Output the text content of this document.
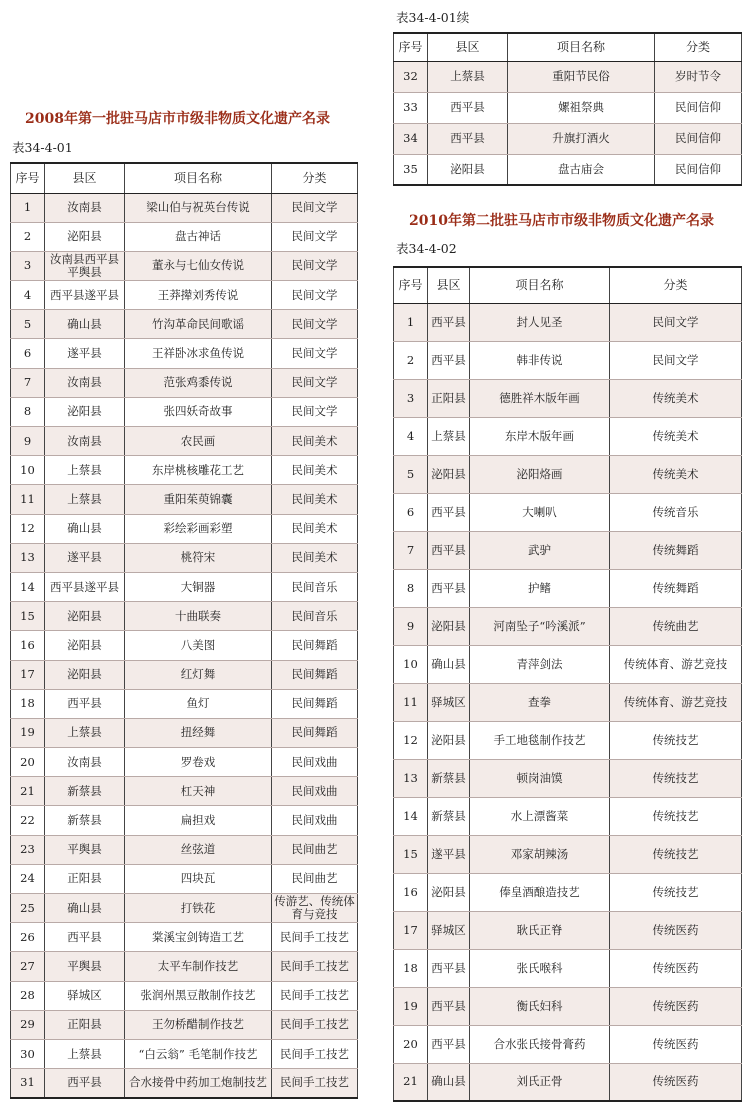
2008年第一批驻马店市市级非物质文化遗产名录
表34-4-01
序号	县区	项目名称	分类
1	汝南县	梁山伯与祝英台传说	民间文学
2	泌阳县	盘古神话	民间文学
3	汝南县西平县平舆县	董永与七仙女传说	民间文学
4	西平县遂平县	王莽撵刘秀传说	民间文学
5	确山县	竹沟革命民间歌谣	民间文学
6	遂平县	王祥卧冰求鱼传说	民间文学
7	汝南县	范张鸡黍传说	民间文学
8	泌阳县	张四妖奇故事	民间文学
9	汝南县	农民画	民间美术
10	上蔡县	东岸桃核雕花工艺	民间美术
11	上蔡县	重阳茱萸锦囊	民间美术
12	确山县	彩绘彩画彩塑	民间美术
13	遂平县	桃符宋	民间美术
14	西平县遂平县	大铜器	民间音乐
15	泌阳县	十曲联奏	民间音乐
16	泌阳县	八美图	民间舞蹈
17	泌阳县	红灯舞	民间舞蹈
18	西平县	鱼灯	民间舞蹈
19	上蔡县	扭经舞	民间舞蹈
20	汝南县	罗卷戏	民间戏曲
21	新蔡县	杠天神	民间戏曲
22	新蔡县	扁担戏	民间戏曲
23	平舆县	丝弦道	民间曲艺
24	正阳县	四块瓦	民间曲艺
25	确山县	打铁花	传游艺、传统体育与竞技
26	西平县	棠溪宝剑铸造工艺	民间手工技艺
27	平舆县	太平车制作技艺	民间手工技艺
28	驿城区	张润州黑豆散制作技艺	民间手工技艺
29	正阳县	王勿桥醋制作技艺	民间手工技艺
30	上蔡县	“白云翁” 毛笔制作技艺	民间手工技艺
31	西平县	合水接骨中药加工炮制技艺	民间手工技艺
表34-4-01续
序号	县区	项目名称	分类
32	上蔡县	重阳节民俗	岁时节令
33	西平县	嫘祖祭典	民间信仰
34	西平县	升旗打酒火	民间信仰
35	泌阳县	盘古庙会	民间信仰
2010年第二批驻马店市市级非物质文化遗产名录
表34-4-02
序号	县区	项目名称	分类
1	西平县	封人见圣	民间文学
2	西平县	韩非传说	民间文学
3	正阳县	德胜祥木版年画	传统美术
4	上蔡县	东岸木版年画	传统美术
5	泌阳县	泌阳烙画	传统美术
6	西平县	大喇叭	传统音乐
7	西平县	武驴	传统舞蹈
8	西平县	护鳍	传统舞蹈
9	泌阳县	河南坠子“吟溪派”	传统曲艺
10	确山县	青萍剑法	传统体育、游艺竞技
11	驿城区	查拳	传统体育、游艺竞技
12	泌阳县	手工地毯制作技艺	传统技艺
13	新蔡县	顿岗油馍	传统技艺
14	新蔡县	水上漂酱菜	传统技艺
15	遂平县	邓家胡辣汤	传统技艺
16	泌阳县	俸皇酒酿造技艺	传统技艺
17	驿城区	耿氏正脊	传统医药
18	西平县	张氏喉科	传统医药
19	西平县	衡氏妇科	传统医药
20	西平县	合水张氏接骨膏药	传统医药
21	确山县	刘氏正骨	传统医药
